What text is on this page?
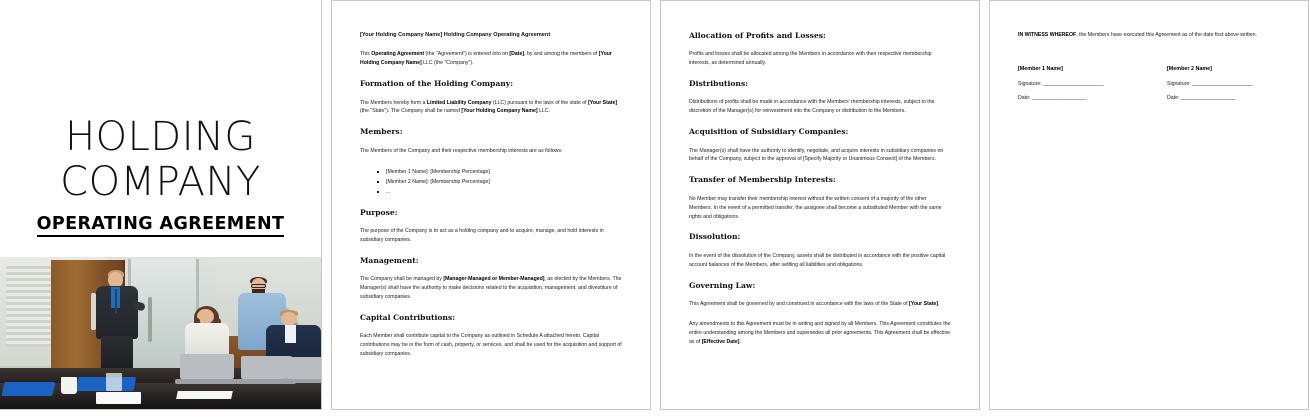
HOLDING
COMPANY
OPERATING AGREEMENT
[Your Holding Company Name] Holding Company Operating Agreement

This Operating Agreement (the "Agreement") is entered into on [Date], by and among the members of [Your Holding Company Name] LLC (the "Company").

Formation of the Holding Company:

The Members hereby form a Limited Liability Company (LLC) pursuant to the laws of the state of [Your State] (the "State"). The Company shall be named [Your Holding Company Name] LLC.

Members:

The Members of the Company and their respective membership interests are as follows:

[Member 1 Name]: [Membership Percentage]
[Member 2 Name]: [Membership Percentage]
...
Purpose:

The purpose of the Company is to act as a holding company and to acquire, manage, and hold interests in subsidiary companies.

Management:

The Company shall be managed by [Manager-Managed or Member-Managed], as elected by the Members. The Manager(s) shall have the authority to make decisions related to the acquisition, management, and divestiture of subsidiary companies.

Capital Contributions:

Each Member shall contribute capital to the Company as outlined in Schedule A attached hereto. Capital contributions may be in the form of cash, property, or services, and shall be used for the acquisition and support of subsidiary companies.

Allocation of Profits and Losses:

Profits and losses shall be allocated among the Members in accordance with their respective membership interests, as determined annually.

Distributions:

Distributions of profits shall be made in accordance with the Members' membership interests, subject to the discretion of the Manager(s) for reinvestment into the Company or distribution to the Members.

Acquisition of Subsidiary Companies:

The Manager(s) shall have the authority to identify, negotiate, and acquire interests in subsidiary companies on behalf of the Company, subject to the approval of [Specify Majority or Unanimous Consent] of the Members.

Transfer of Membership Interests:

No Member may transfer their membership interest without the written consent of a majority of the other Members. In the event of a permitted transfer, the assignee shall become a substituted Member with the same rights and obligations.

Dissolution:

In the event of the dissolution of the Company, assets shall be distributed in accordance with the positive capital account balances of the Members, after settling all liabilities and obligations.

Governing Law:

This Agreement shall be governed by and construed in accordance with the laws of the State of [Your State].

Any amendments to this Agreement must be in writing and signed by all Members. This Agreement constitutes the entire understanding among the Members and supersedes all prior agreements. This Agreement shall be effective as of [Effective Date].

IN WITNESS WHEREOF, the Members have executed this Agreement as of the date first above written.

[Member 1 Name]
Signature: _____________________
Date: ___________________
[Member 2 Name]
Signature: _____________________
Date: ___________________
